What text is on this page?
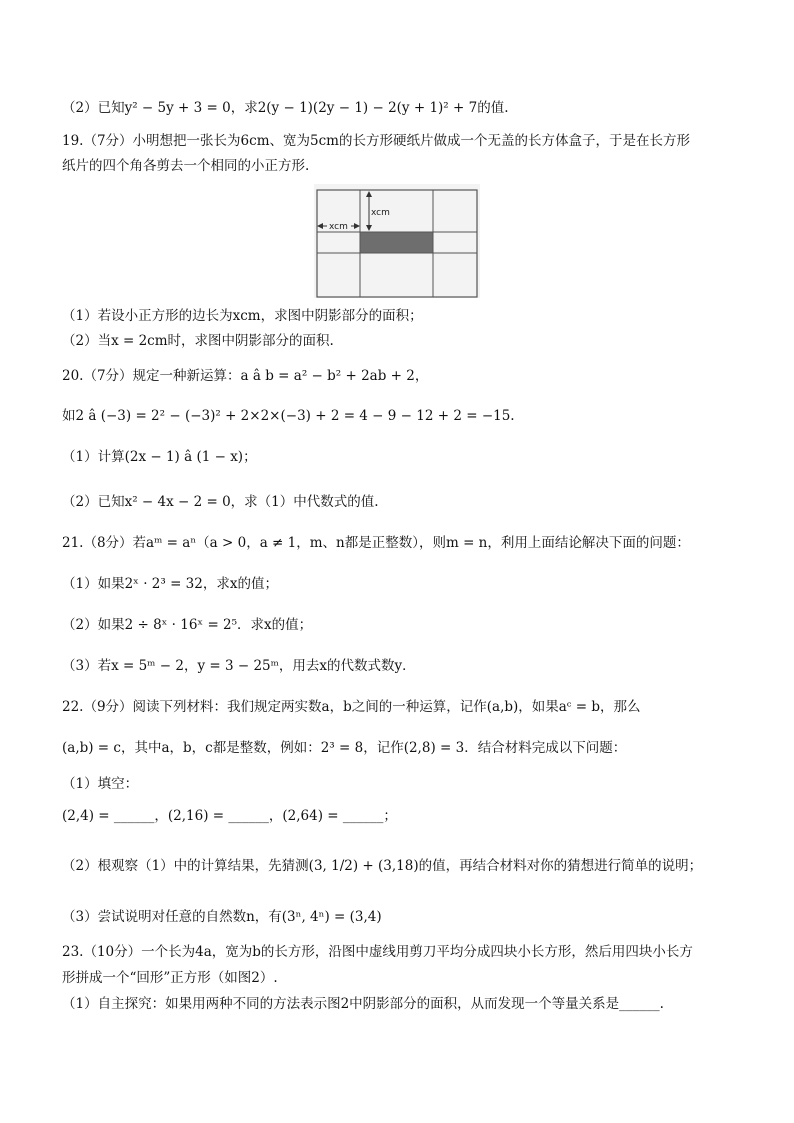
（2）已知y² − 5y + 3 = 0，求2(y − 1)(2y − 1) − 2(y + 1)² + 7的值.
19.（7分）小明想把一张长为6cm、宽为5cm的长方形硬纸片做成一个无盖的长方体盒子，于是在长方形
纸片的四个角各剪去一个相同的小正方形.
xcm
xcm
（1）若设小正方形的边长为xcm，求图中阴影部分的面积；
（2）当x = 2cm时，求图中阴影部分的面积.
20.（7分）规定一种新运算：a â b = a² − b² + 2ab + 2，
如2 â (−3) = 2² − (−3)² + 2×2×(−3) + 2 = 4 − 9 − 12 + 2 = −15.
（1）计算(2x − 1) â (1 − x)；
（2）已知x² − 4x − 2 = 0，求（1）中代数式的值.
21.（8分）若aᵐ = aⁿ（a > 0，a ≠ 1，m、n都是正整数），则m = n，利用上面结论解决下面的问题：
（1）如果2ˣ · 2³ = 32，求x的值；
（2）如果2 ÷ 8ˣ · 16ˣ = 2⁵．求x的值；
（3）若x = 5ᵐ − 2，y = 3 − 25ᵐ，用去x的代数式数y．
22.（9分）阅读下列材料：我们规定两实数a，b之间的一种运算，记作(a,b)，如果aᶜ = b，那么
(a,b) = c，其中a，b，c都是整数，例如：2³ = 8，记作(2,8) = 3．结合材料完成以下问题：
（1）填空：
(2,4) = ______，(2,16) = ______，(2,64) = ______；
（2）根观察（1）中的计算结果，先猜测(3, 1/2) + (3,18)的值，再结合材料对你的猜想进行简单的说明；
（3）尝试说明对任意的自然数n，有(3ⁿ, 4ⁿ) = (3,4)
23.（10分）一个长为4a，宽为b的长方形，沿图中虚线用剪刀平均分成四块小长方形，然后用四块小长方
形拼成一个“回形”正方形（如图2）.
（1）自主探究：如果用两种不同的方法表示图2中阴影部分的面积，从而发现一个等量关系是______.
